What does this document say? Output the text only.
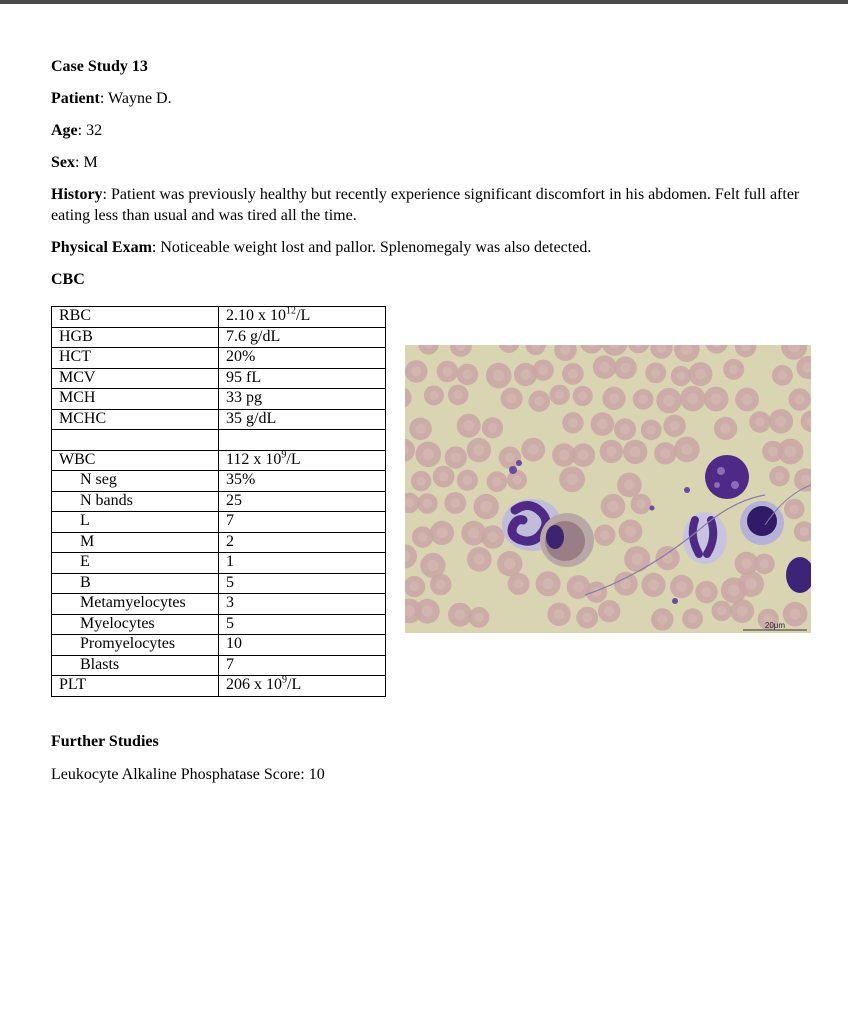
Case Study 13

Patient: Wayne D.

Age: 32

Sex: M

History: Patient was previously healthy but recently experience significant discomfort in his abdomen. Felt full after eating less than usual and was tired all the time.

Physical Exam: Noticeable weight lost and pallor. Splenomegaly was also detected.

CBC

RBC	2.10 x $10^{12}/L$
HGB	7.6 g/dL
HCT	20%
MCV	95 fL
MCH	33 pg
MCHC	35 g/dL

WBC	112 x $10^9/L$
N seg	35%
N bands	25
L	7
M	2
E	1
B	5
Metamyelocytes	3
Myelocytes	5
Promyelocytes	10
Blasts	7
PLT	206 x $10^9/L$
20μm

Further Studies

Leukocyte Alkaline Phosphatase Score: 10
